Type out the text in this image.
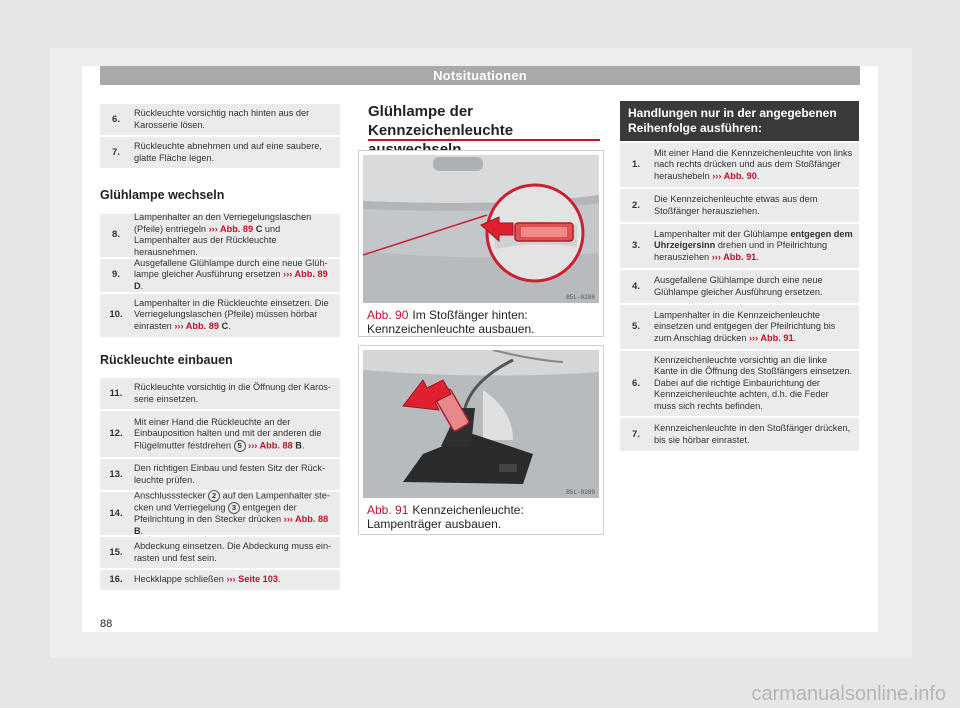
Notsituationen
6.
Rückleuchte vorsichtig nach hinten aus der Karosserie lösen.
7.
Rückleuchte abnehmen und auf eine saubere, glatte Fläche legen.
Glühlampe wechseln
8.
Lampenhalter an den Verriegelungslaschen (Pfeile) entriegeln ››› Abb. 89 C und Lampenhalter aus der Rückleuchte herausnehmen.
9.
Ausgefallene Glühlampe durch eine neue Glühlampe gleicher Ausführung ersetzen ››› Abb. 89 D.
10.
Lampenhalter in die Rückleuchte einsetzen. Die Verriegelungslaschen (Pfeile) müssen hörbar einrasten ››› Abb. 89 C.
Rückleuchte einbauen
11.
Rückleuchte vorsichtig in die Öffnung der Karosserie einsetzen.
12.
Mit einer Hand die Rückleuchte an der Einbauposition halten und mit der anderen die Flügelmutter festdrehen 5 ››› Abb. 88 B.
13.
Den richtigen Einbau und festen Sitz der Rückleuchte prüfen.
14.
Anschlussstecker 2 auf den Lampenhalter stecken und Verriegelung 3 entgegen der Pfeilrichtung in den Stecker drücken ››› Abb. 88 B.
15.
Abdeckung einsetzen. Die Abdeckung muss einrasten und fest sein.
16.	Heckklappe schließen ››› Seite 103.
Glühlampe der Kennzeichenleuchte
B5L-0288
Abb. 90 Im Stoßfänger hinten: Kennzeichenleuchte ausbauen.
B5L-0289
Abb. 91 Kennzeichenleuchte: Lampenträger ausbauen.
Handlungen nur in der angegebenen Reihenfolge ausführen:
1.
Mit einer Hand die Kennzeichenleuchte von links nach rechts drücken und aus dem Stoßfänger heraushebeln ››› Abb. 90.
2.
Die Kennzeichenleuchte etwas aus dem Stoßfänger herausziehen.
3.
Lampenhalter mit der Glühlampe entgegen dem Uhrzeigersinn drehen und in Pfeilrichtung herausziehen ››› Abb. 91.
4.
Ausgefallene Glühlampe durch eine neue Glühlampe gleicher Ausführung ersetzen.
5.
Lampenhalter in die Kennzeichenleuchte einsetzen und entgegen der Pfeilrichtung bis zum Anschlag drücken ››› Abb. 91.
6.
Kennzeichenleuchte vorsichtig an die linke Kante in die Öffnung des Stoßfängers einsetzen. Dabei auf die richtige Einbaurichtung der Kennzeichenleuchte achten, d.h. die Feder muss sich rechts befinden.
7.
Kennzeichenleuchte in den Stoßfänger drücken, bis sie hörbar einrastet.
88
carmanualsonline.info
